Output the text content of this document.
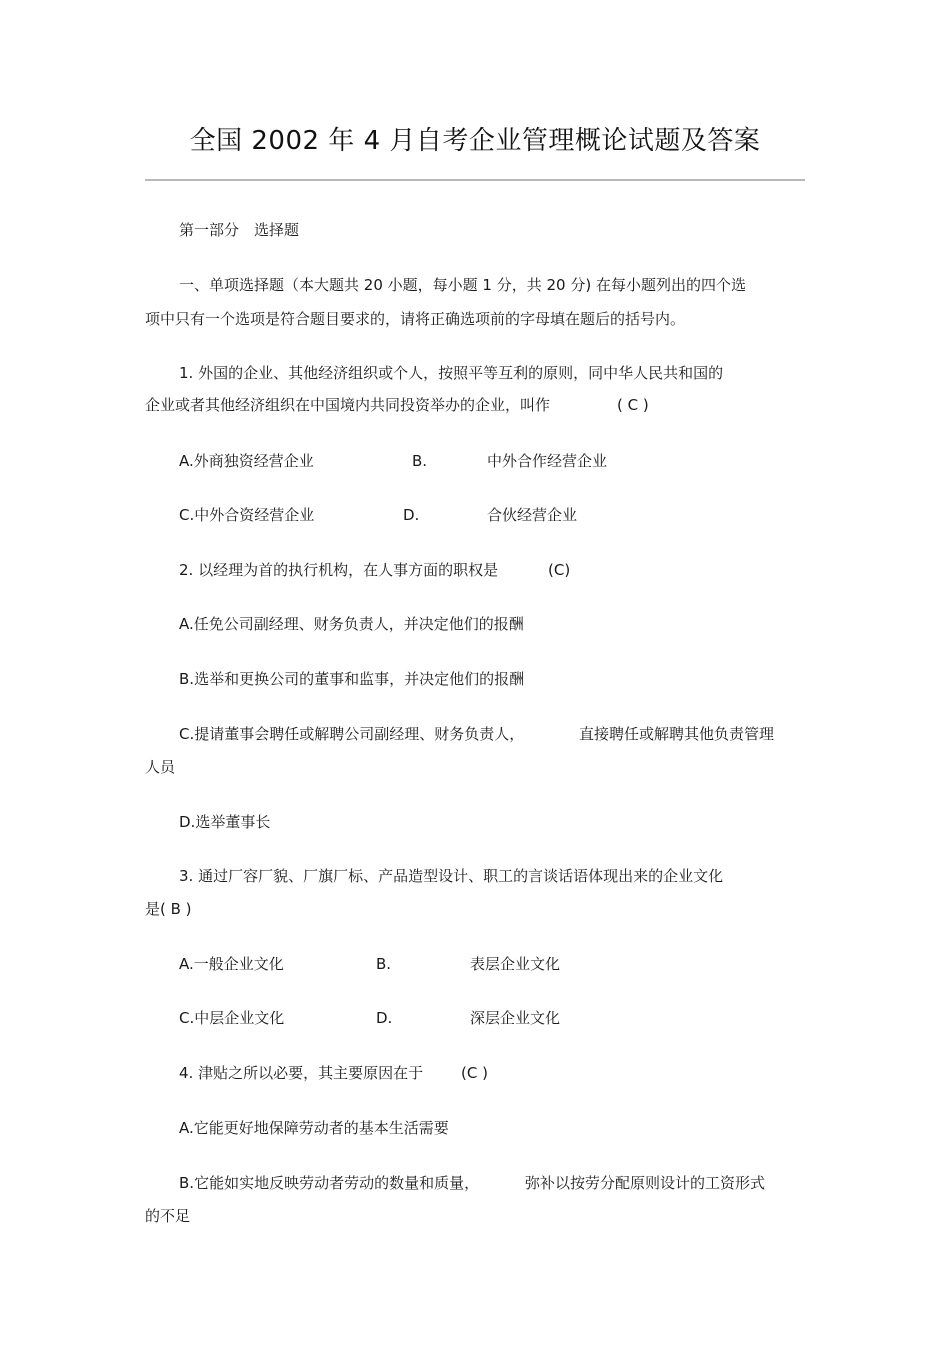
全国 2002 年 4 月自考企业管理概论试题及答案
第一部分　选择题
一、单项选择题（本大题共 20 小题，每小题 1 分，共 20 分) 在每小题列出的四个选
项中只有一个选项是符合题目要求的，请将正确选项前的字母填在题后的括号内。
1. 外国的企业、其他经济组织或个人，按照平等互利的原则，同中华人民共和国的
企业或者其他经济组织在中国境内共同投资举办的企业，叫作	( C )
A.外商独资经营企业	B.	中外合作经营企业
C.中外合资经营企业	D.	合伙经营企业
2. 以经理为首的执行机构，在人事方面的职权是	(C)
A.任免公司副经理、财务负责人，并决定他们的报酬
B.选举和更换公司的董事和监事，并决定他们的报酬
C.提请董事会聘任或解聘公司副经理、财务负责人，	直接聘任或解聘其他负责管理
人员
D.选举董事长
3. 通过厂容厂貌、厂旗厂标、产品造型设计、职工的言谈话语体现出来的企业文化
是( B )
A.一般企业文化	B.	表层企业文化
C.中层企业文化	D.	深层企业文化
4. 津贴之所以必要，其主要原因在于	(C )
A.它能更好地保障劳动者的基本生活需要
B.它能如实地反映劳动者劳动的数量和质量，	弥补以按劳分配原则设计的工资形式
的不足
